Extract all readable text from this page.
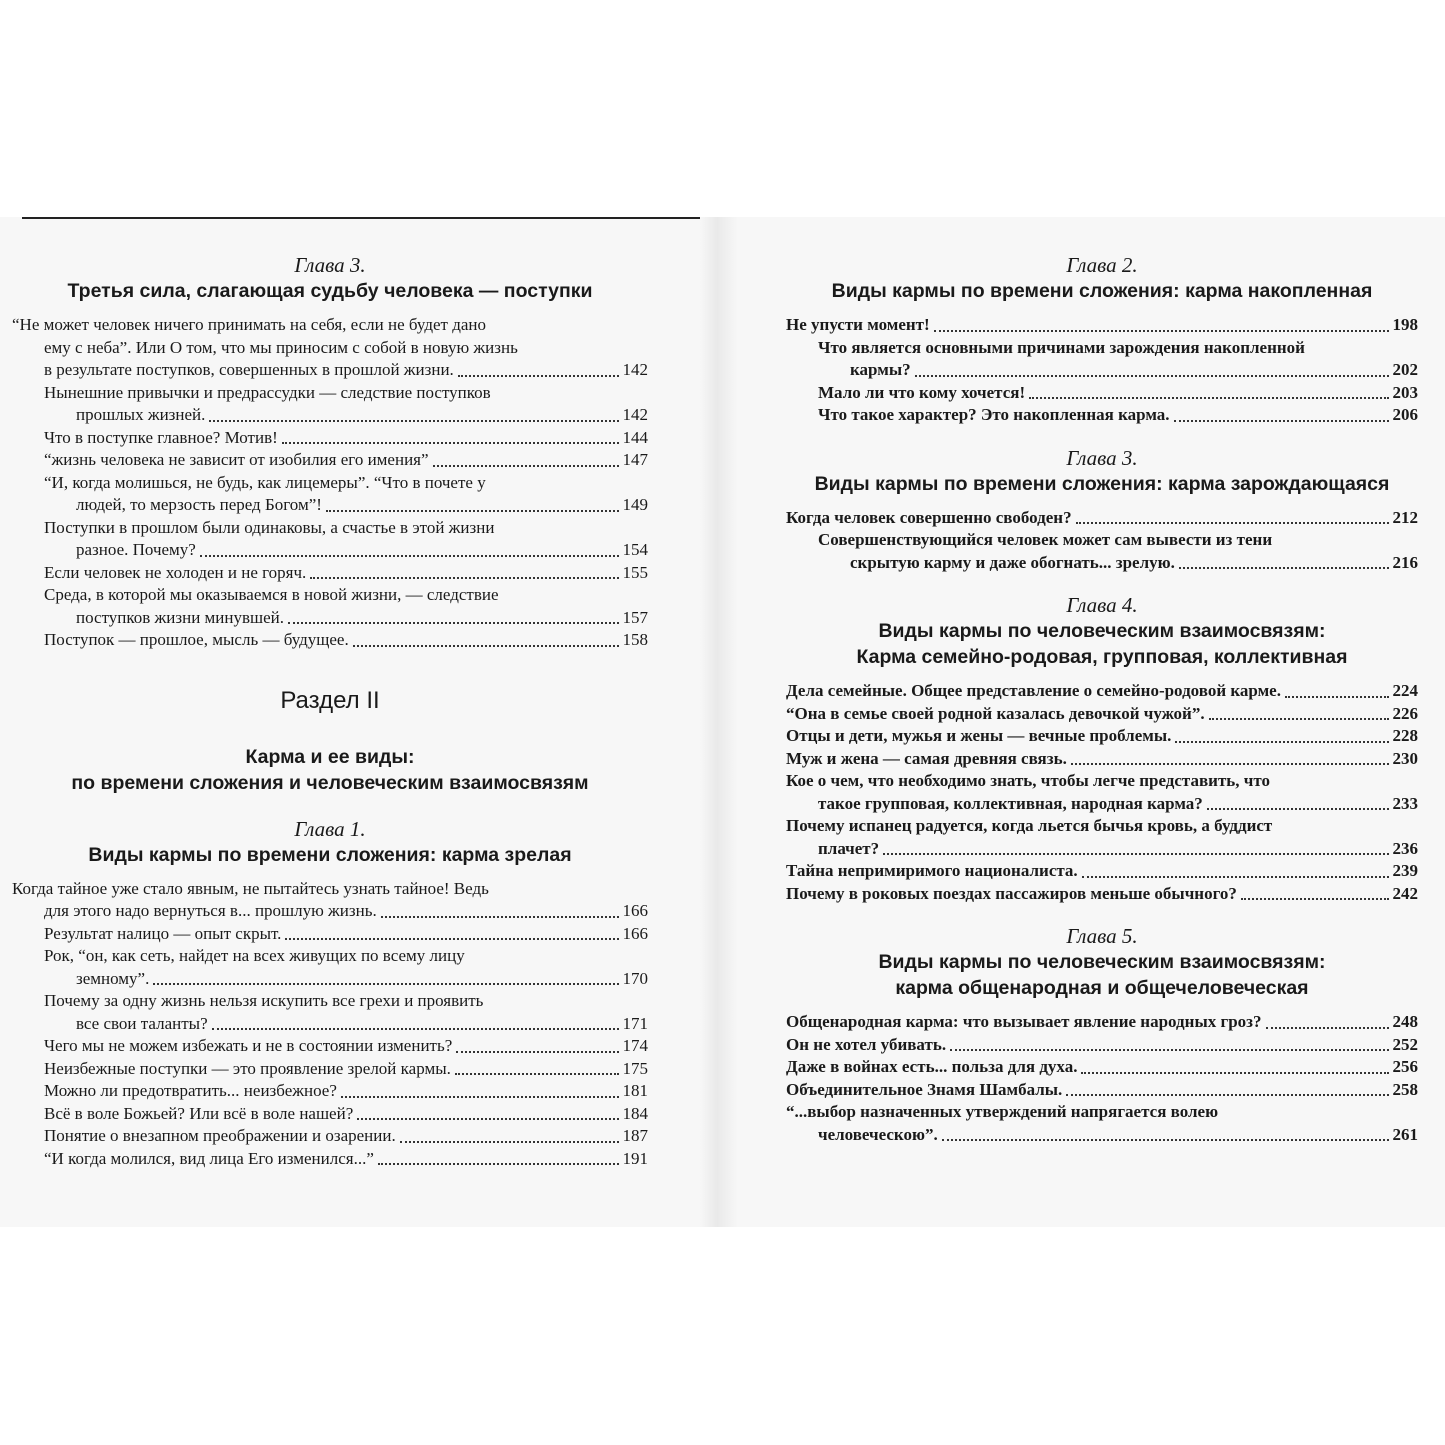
Глава 3.
Третья сила, слагающая судьбу человека — поступки
“Не может человек ничего принимать на себя, если не будет дано
ему с неба”. Или О том, что мы приносим с собой в новую жизнь
в результате поступков, совершенных в прошлой жизни.	142
Нынешние привычки и предрассудки — следствие поступков
прошлых жизней.	142
Что в поступке главное? Мотив!	144
“жизнь человека не зависит от изобилия его имения”	147
“И, когда молишься, не будь, как лицемеры”. “Что в почете у
людей, то мерзость перед Богом”!	149
Поступки в прошлом были одинаковы, а счастье в этой жизни
разное. Почему?	154
Если человек не холоден и не горяч.	155
Среда, в которой мы оказываемся в новой жизни, — следствие
поступков жизни минувшей.	157
Поступок — прошлое, мысль — будущее.	158
Раздел II
Карма и ее виды:
по времени сложения и человеческим взаимосвязям
Глава 1.
Виды кармы по времени сложения: карма зрелая
Когда тайное уже стало явным, не пытайтесь узнать тайное! Ведь
для этого надо вернуться в... прошлую жизнь.	166
Результат налицо — опыт скрыт.	166
Рок, “он, как сеть, найдет на всех живущих по всему лицу
земному”.	170
Почему за одну жизнь нельзя искупить все грехи и проявить
все свои таланты?	171
Чего мы не можем избежать и не в состоянии изменить?	174
Неизбежные поступки — это проявление зрелой кармы.	175
Можно ли предотвратить... неизбежное?	181
Всё в воле Божьей? Или всё в воле нашей?	184
Понятие о внезапном преображении и озарении.	187
“И когда молился, вид лица Его изменился...”	191
Глава 2.
Виды кармы по времени сложения: карма накопленная
Не упусти момент!	198
Что является основными причинами зарождения накопленной
кармы?	202
Мало ли что кому хочется!	203
Что такое характер? Это накопленная карма.	206
Глава 3.
Виды кармы по времени сложения: карма зарождающаяся
Когда человек совершенно свободен?	212
Совершенствующийся человек может сам вывести из тени
скрытую карму и даже обогнать... зрелую.	216
Глава 4.
Виды кармы по человеческим взаимосвязям:
Карма семейно-родовая, групповая, коллективная
Дела семейные. Общее представление о семейно-родовой карме.	224
“Она в семье своей родной казалась девочкой чужой”.	226
Отцы и дети, мужья и жены — вечные проблемы.	228
Муж и жена — самая древняя связь.	230
Кое о чем, что необходимо знать, чтобы легче представить, что
такое групповая, коллективная, народная карма?	233
Почему испанец радуется, когда льется бычья кровь, а буддист
плачет?	236
Тайна непримиримого националиста.	239
Почему в роковых поездах пассажиров меньше обычного?	242
Глава 5.
Виды кармы по человеческим взаимосвязям:
карма общенародная и общечеловеческая
Общенародная карма: что вызывает явление народных гроз?	248
Он не хотел убивать.	252
Даже в войнах есть... польза для духа.	256
Объединительное Знамя Шамбалы.	258
“...выбор назначенных утверждений напрягается волею
человеческою”.	261
